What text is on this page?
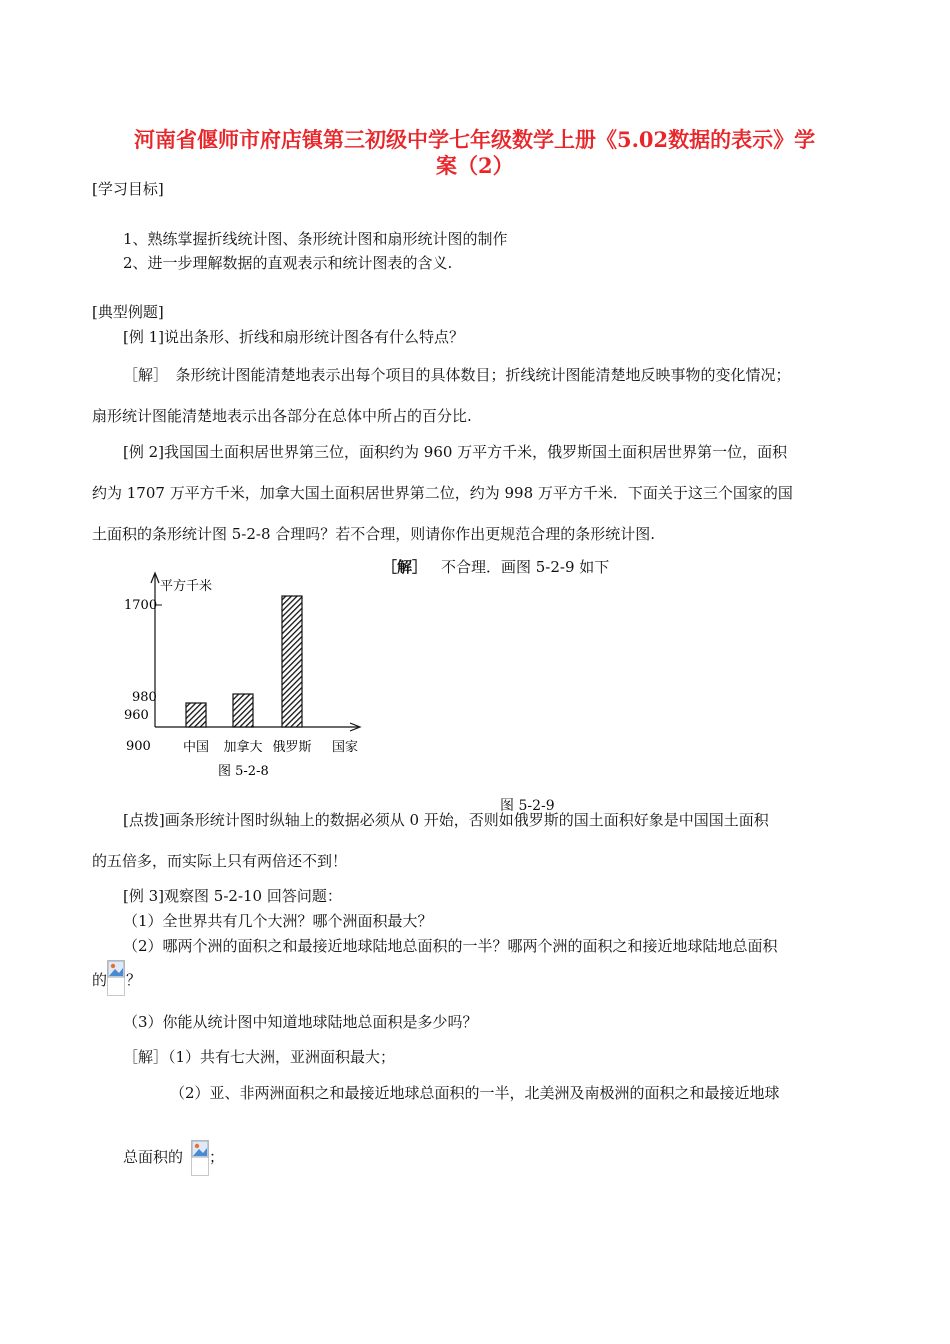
河南省偃师市府店镇第三初级中学七年级数学上册《5.02数据的表示》学
案（2）
[学习目标]
1、熟练掌握折线统计图、条形统计图和扇形统计图的制作
2、进一步理解数据的直观表示和统计图表的含义.
[典型例题]
[例 1]说出条形、折线和扇形统计图各有什么特点？
［解］　条形统计图能清楚地表示出每个项目的具体数目；折线统计图能清楚地反映事物的变化情况；
扇形统计图能清楚地表示出各部分在总体中所占的百分比.
[例 2]我国国土面积居世界第三位，面积约为 960 万平方千米，俄罗斯国土面积居世界第一位，面积
约为 1707 万平方千米，加拿大国土面积居世界第二位，约为 998 万平方千米．下面关于这三个国家的国
土面积的条形统计图 5-2-8 合理吗？若不合理，则请你作出更规范合理的条形统计图.
［解］ 不合理．画图 5-2-9 如下
平方千米
国家
1700
980
960
900 中国 加拿大 俄罗斯
图 5-2-8
图 5-2-9
[点拨]画条形统计图时纵轴上的数据必须从 0 开始，否则如俄罗斯的国土面积好象是中国国土面积
的五倍多，而实际上只有两倍还不到！
[例 3]观察图 5-2-10 回答问题：
（1）全世界共有几个大洲？哪个洲面积最大？
（2）哪两个洲的面积之和最接近地球陆地总面积的一半？哪两个洲的面积之和接近地球陆地总面积
的 ？
（3）你能从统计图中知道地球陆地总面积是多少吗？
［解］（1）共有七大洲，亚洲面积最大；
（2）亚、非两洲面积之和最接近地球总面积的一半，北美洲及南极洲的面积之和最接近地球
总面积的 ；
